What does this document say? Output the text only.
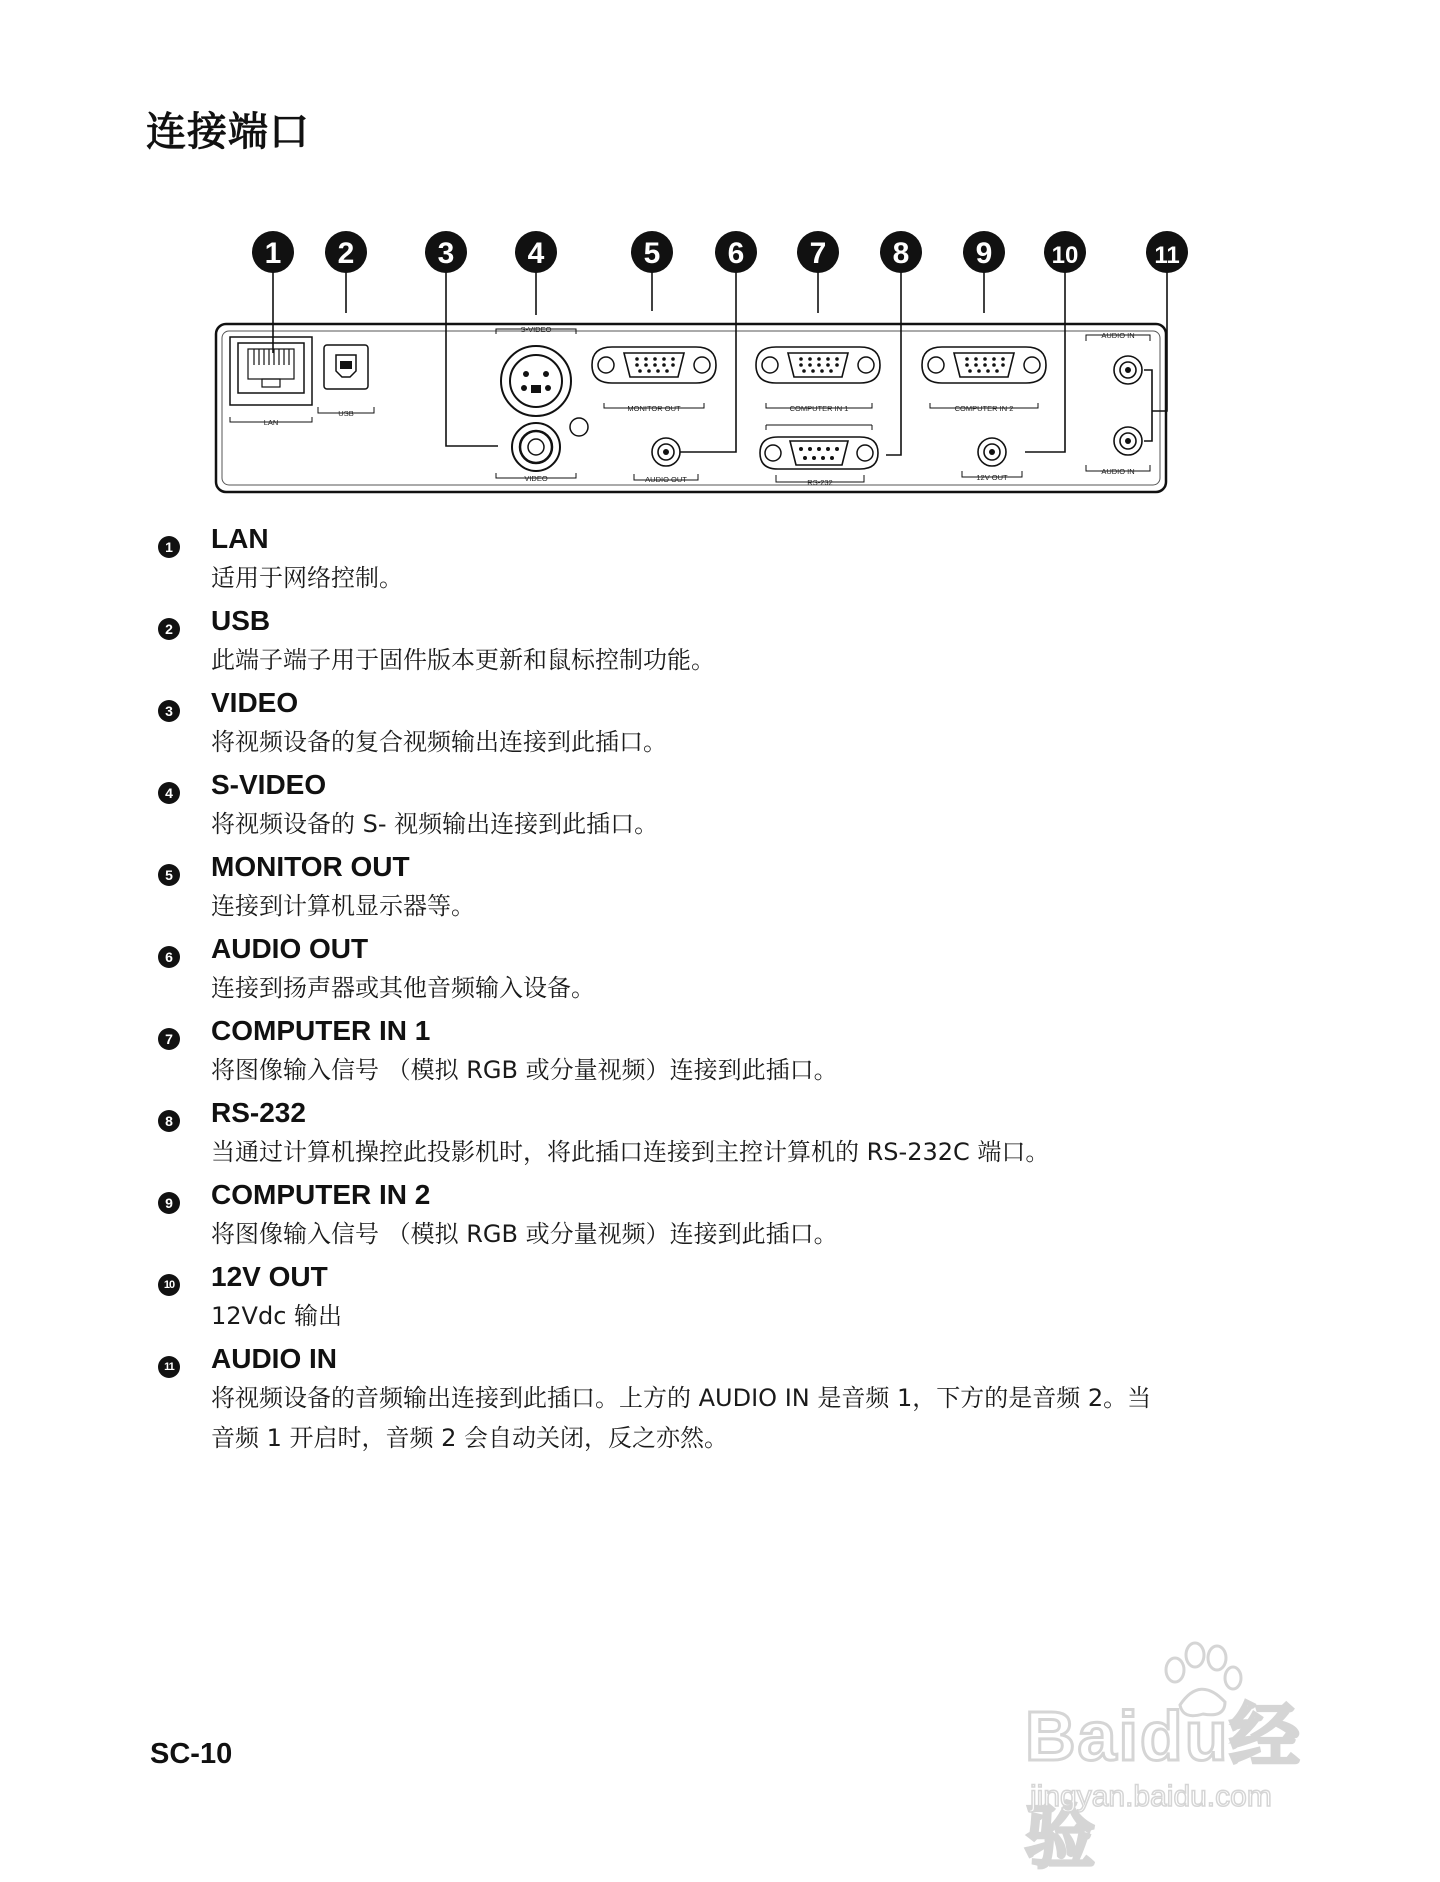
连接端口
1 2	3 4	5 6 7 8 9 10	11
LAN
USB
S-VIDEO
VIDEO
MONITOR OUT
AUDIO OUT
COMPUTER IN 1
RS-232
COMPUTER IN 2
12V OUT
AUDIO IN
AUDIO IN
1 LAN
适用于网络控制。
2 USB
此端子端子用于固件版本更新和鼠标控制功能。
3 VIDEO
将视频设备的复合视频输出连接到此插口。
4 S-VIDEO
将视频设备的 S- 视频输出连接到此插口。
5 MONITOR OUT
连接到计算机显示器等。
6 AUDIO OUT
连接到扬声器或其他音频输入设备。
7 COMPUTER IN 1
将图像输入信号 （模拟 RGB 或分量视频）连接到此插口。
8 RS-232
当通过计算机操控此投影机时，将此插口连接到主控计算机的 RS-232C 端口。
9 COMPUTER IN 2
将图像输入信号 （模拟 RGB 或分量视频）连接到此插口。
10 12V OUT
12Vdc 输出
11 AUDIO IN
将视频设备的音频输出连接到此插口。上方的 AUDIO IN 是音频 1，下方的是音频 2。当
音频 1 开启时，音频 2 会自动关闭，反之亦然。
SC-10	Baidu经验
jingyan.baidu.com
